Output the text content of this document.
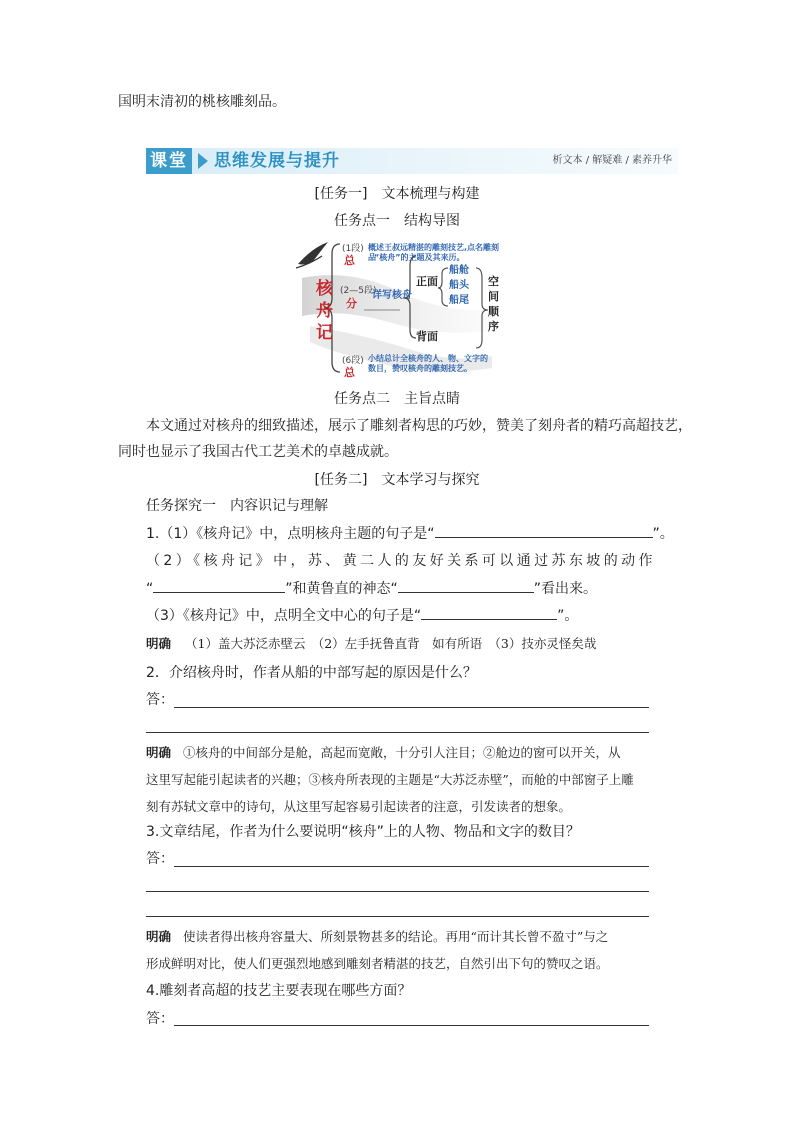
国明末清初的桃核雕刻品。
课堂 思维发展与提升	析文本 / 解疑难 / 素养升华
[任务一]　文本梳理与构建
任务点一　结构导图
核
舟
记
(1段)
总
概述王叔远精湛的雕刻技艺,点名雕刻品
“核舟”的主题及其来历。
(2—5段)
分
详写核舟
正面
背面
船舱
船头
船尾
空
间
顺
序
(6段)
总
小结总计全核舟的人、物、文字的
数目，赞叹核舟的雕刻技艺。
任务点二　主旨点睛
本文通过对核舟的细致描述，展示了雕刻者构思的巧妙，赞美了刻舟者的精巧高超技艺，
同时也显示了我国古代工艺美术的卓越成就。
[任务二]　文本学习与探究
任务探究一　内容识记与理解
1.（1）《核舟记》中，点明核舟主题的句子是“	”。
（2）《核舟记》中，苏、黄二人的友好关系可以通过苏东坡的动作
“	”和黄鲁直的神态“	”看出来。
（3）《核舟记》中，点明全文中心的句子是“	”。
明确 （1）盖大苏泛赤壁云　（2）左手抚鲁直背　如有所语　（3）技亦灵怪矣哉
2．介绍核舟时，作者从船的中部写起的原因是什么？
答：
明确 ①核舟的中间部分是舱，高起而宽敞，十分引人注目；②舱边的窗可以开关，从
这里写起能引起读者的兴趣；③核舟所表现的主题是“大苏泛赤壁”，而舱的中部窗子上雕
刻有苏轼文章中的诗句，从这里写起容易引起读者的注意，引发读者的想象。
3.文章结尾，作者为什么要说明“核舟”上的人物、物品和文字的数目？
答：
明确 使读者得出核舟容量大、所刻景物甚多的结论。再用“而计其长曾不盈寸”与之
形成鲜明对比，使人们更强烈地感到雕刻者精湛的技艺，自然引出下句的赞叹之语。
4.雕刻者高超的技艺主要表现在哪些方面？
答：
